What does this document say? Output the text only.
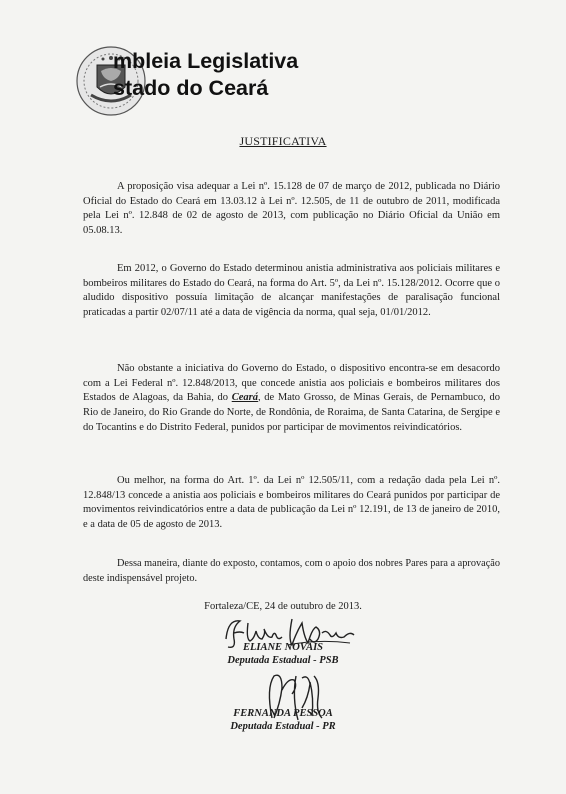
mbleia Legislativa
stado do Ceará
JUSTIFICATIVA

A proposição visa adequar a Lei nº. 15.128 de 07 de março de 2012, publicada no Diário Oficial do Estado do Ceará em 13.03.12 à Lei nº. 12.505, de 11 de outubro de 2011, modificada pela Lei nº. 12.848 de 02 de agosto de 2013, com publicação no Diário Oficial da União em 05.08.13.

Em 2012, o Governo do Estado determinou anistia administrativa aos policiais militares e bombeiros militares do Estado do Ceará, na forma do Art. 5º, da Lei nº. 15.128/2012. Ocorre que o aludido dispositivo possuía limitação de alcançar manifestações de paralisação funcional praticadas a partir 02/07/11 até a data de vigência da norma, qual seja, 01/01/2012.

Não obstante a iniciativa do Governo do Estado, o dispositivo encontra-se em desacordo com a Lei Federal nº. 12.848/2013, que concede anistia aos policiais e bombeiros militares dos Estados de Alagoas, da Bahia, do Ceará, de Mato Grosso, de Minas Gerais, de Pernambuco, do Rio de Janeiro, do Rio Grande do Norte, de Rondônia, de Roraima, de Santa Catarina, de Sergipe e do Tocantins e do Distrito Federal, punidos por participar de movimentos reivindicatórios.

Ou melhor, na forma do Art. 1º. da Lei nº 12.505/11, com a redação dada pela Lei nº. 12.848/13 concede a anistia aos policiais e bombeiros militares do Ceará punidos por participar de movimentos reivindicatórios entre a data de publicação da Lei nº 12.191, de 13 de janeiro de 2010, e a data de 05 de agosto de 2013.

Dessa maneira, diante do exposto, contamos, com o apoio dos nobres Pares para a aprovação deste indispensável projeto.

Fortaleza/CE, 24 de outubro de 2013.
ELIANE NOVAIS
Deputada Estadual - PSB
FERNANDA PESSOA
Deputada Estadual - PR
